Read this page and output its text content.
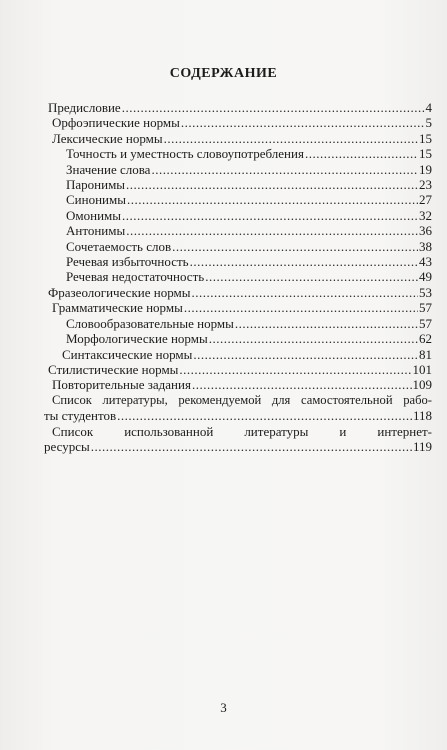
СОДЕРЖАНИЕ
Предисловие .....	4
Орфоэпические нормы .....	5
Лексические нормы .....	15
Точность и уместность словоупотребления .....	15
Значение слова .....	19
Паронимы .....	23
Синонимы .....	27
Омонимы .....	32
Антонимы .....	36
Сочетаемость слов .....	38
Речевая избыточность .....	43
Речевая недостаточность .....	49
Фразеологические нормы .....	53
Грамматические нормы .....	57
Словообразовательные нормы .....	57
Морфологические нормы .....	62
Синтаксические нормы .....	81
Стилистические нормы .....	101
Повторительные задания .....	109
Список литературы, рекомендуемой для самостоятельной рабо-
ты студентов .....	118
Список использованной литературы и интернет-
ресурсы .....	119
3
